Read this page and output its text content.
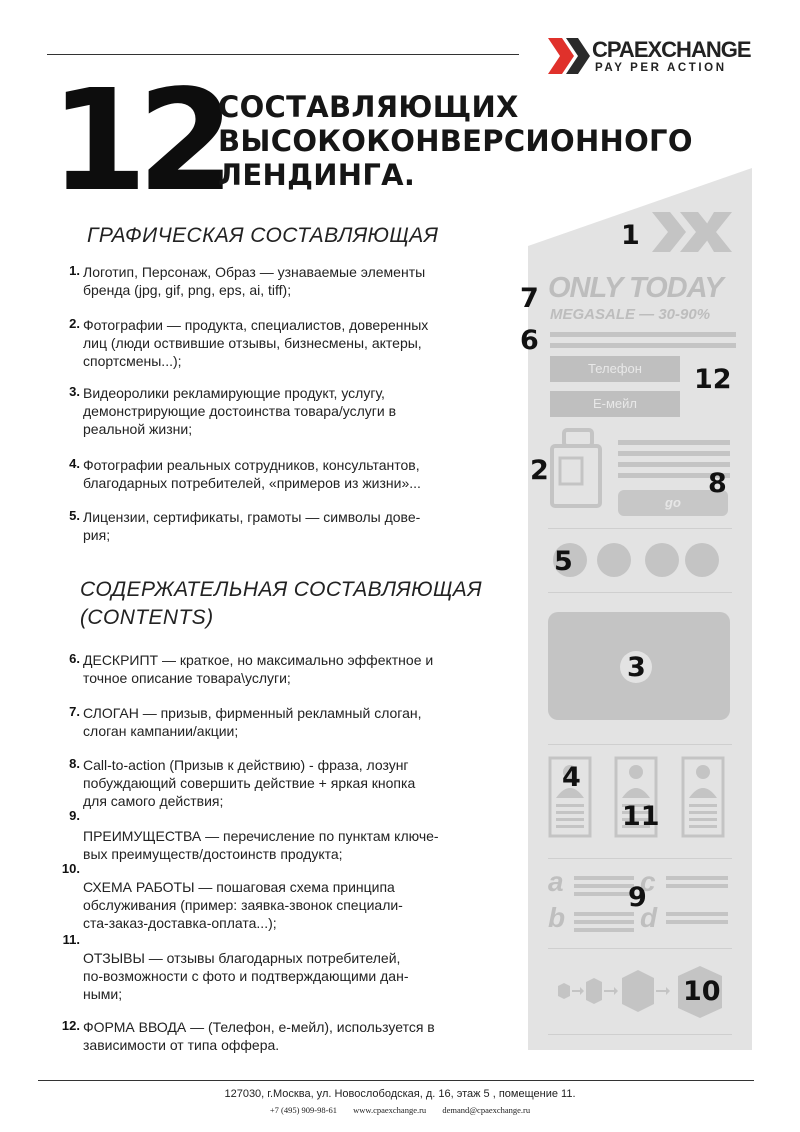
CPAEXCHANGE
PAY PER ACTION
12
СОСТАВЛЯЮЩИХ
ВЫСОКОКОНВЕРСИОННОГО
ЛЕНДИНГА.
ГРАФИЧЕСКАЯ СОСТАВЛЯЮЩАЯ
СОДЕРЖАТЕЛЬНАЯ СОСТАВЛЯЮЩАЯ
(CONTENTS)
1. Логотип, Персонаж, Образ — узнаваемые элементы
бренда (jpg, gif, png, eps, ai, tiff);
2. Фотографии — продукта, специалистов, доверенных
лиц (люди оствившие отзывы, бизнесмены, актеры,
спортсмены...);
3. Видеоролики рекламирующие продукт, услугу,
демонстрирующие достоинства товара/услуги в
реальной жизни;
4. Фотографии реальных сотрудников, консультантов,
благодарных потребителей, «примеров из жизни»...
5. Лицензии, сертификаты, грамоты — символы дове-
рия;
6. ДЕСКРИПТ — краткое, но максимально эффектное и
точное описание товара\услуги;
7. СЛОГАН — призыв, фирменный рекламный слоган,
слоган кампании/акции;
8. Call-to-action (Призыв к действию) - фраза, лозунг
побуждающий совершить действие + яркая кнопка
для самого действия;
9.
ПРЕИМУЩЕСТВА — перечисление по пунктам ключе-
вых преимуществ/достоинств продукта;
10.
СХЕМА РАБОТЫ — пошаговая схема принципа
обслуживания (пример: заявка-звонок специали-
ста-заказ-доставка-оплата...);
11.
ОТЗЫВЫ — отзывы благодарных потребителей,
по-возможности с фото и подтверждающими дан-
ными;
12. ФОРМА ВВОДА — (Телефон, е-мейл), используется в
зависимости от типа оффера.
ONLY TODAY
MEGASALE — 30-90%
Телефон
E-мейл
go
a	c
b	d
1
7
6
12
2	8
5
3
4
11
9
10
127030, г.Москва, ул. Новослободская, д. 16, этаж 5 , помещение 11.
+7 (495) 909-98-61 www.cpaexchange.ru demand@cpaexchange.ru
